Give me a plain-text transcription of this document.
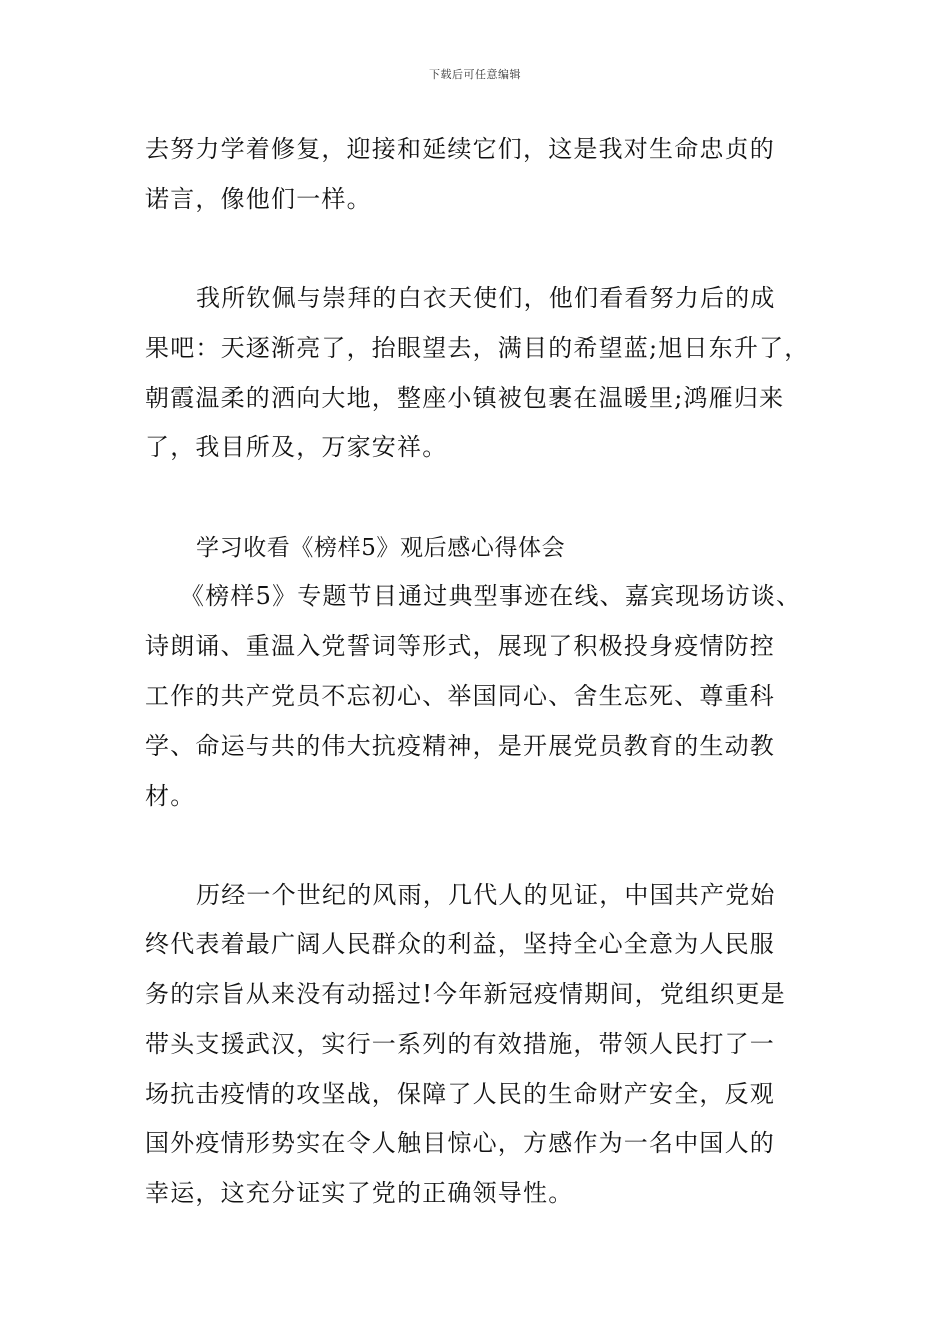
下载后可任意编辑
去努力学着修复，迎接和延续它们，这是我对生命忠贞的
诺言，像他们一样。
我所钦佩与崇拜的白衣天使们，他们看看努力后的成
果吧：天逐渐亮了，抬眼望去，满目的希望蓝;旭日东升了，
朝霞温柔的洒向大地，整座小镇被包裹在温暖里;鸿雁归来
了，我目所及，万家安祥。
学习收看《榜样5》观后感心得体会
《榜样5》专题节目通过典型事迹在线、嘉宾现场访谈、
诗朗诵、重温入党誓词等形式，展现了积极投身疫情防控
工作的共产党员不忘初心、举国同心、舍生忘死、尊重科
学、命运与共的伟大抗疫精神，是开展党员教育的生动教
材。
历经一个世纪的风雨，几代人的见证，中国共产党始
终代表着最广阔人民群众的利益，坚持全心全意为人民服
务的宗旨从来没有动摇过!今年新冠疫情期间，党组织更是
带头支援武汉，实行一系列的有效措施，带领人民打了一
场抗击疫情的攻坚战，保障了人民的生命财产安全，反观
国外疫情形势实在令人触目惊心，方感作为一名中国人的
幸运，这充分证实了党的正确领导性。
